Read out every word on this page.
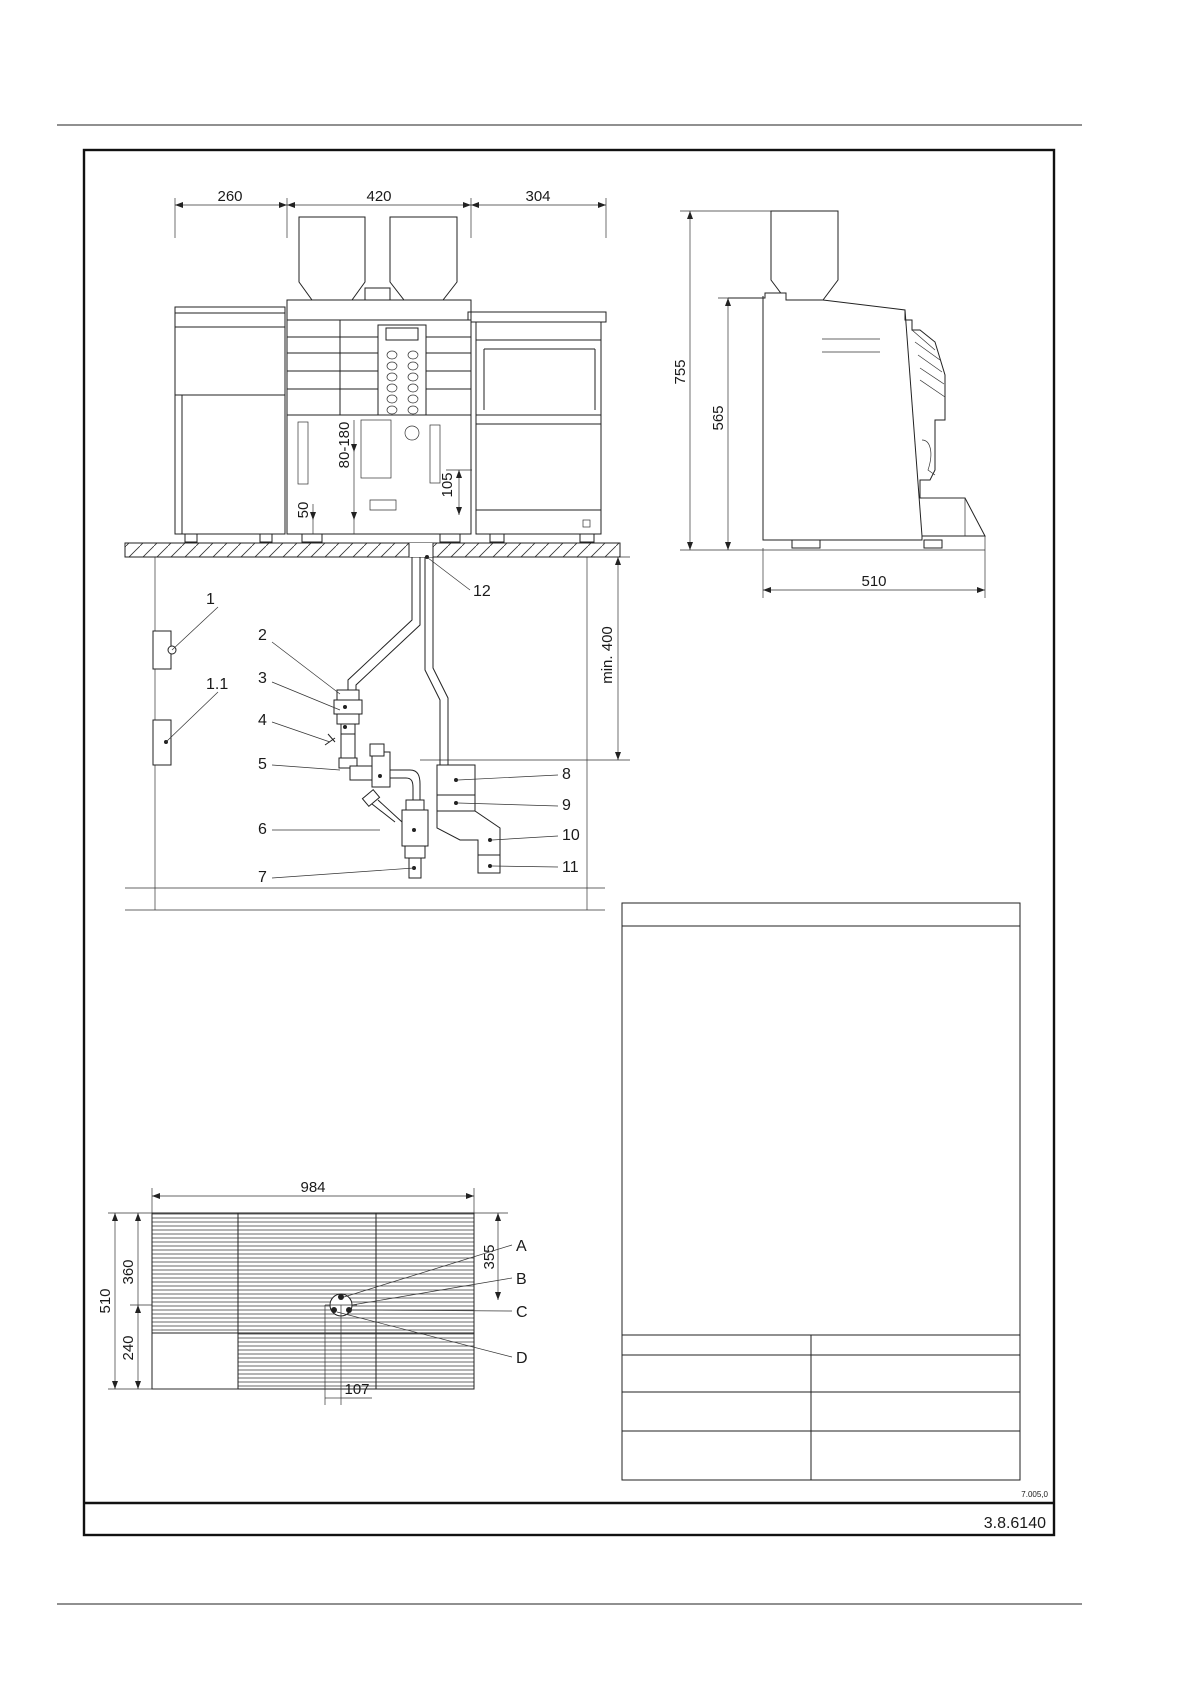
260	420	304
50
80-180
105
min. 400
1
1.1
2
3
4
5
6
7
8
9
10
11
12
755
565
510
984
510
360
240
355
107
A
B
C
D
7.005,0
3.8.6140
